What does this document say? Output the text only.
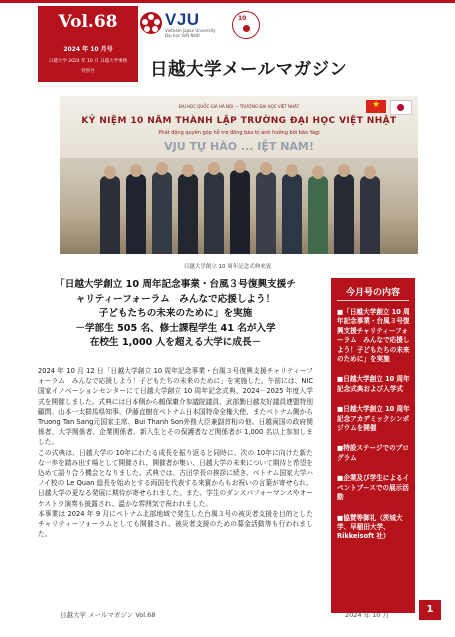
Vol.68
2024 年 10 月号
日越大学 2024 年 10 月 日越大学事務
特別号
VJU
Vietnam Japan University
Đại học Việt Nhật
10
日越大学メールマガジン
ĐẠI HỌC QUỐC GIA HÀ NỘI — TRƯỜNG ĐẠI HỌC VIỆT NHẬT
KỶ NIỆM 10 NĂM THÀNH LẬP TRƯỜNG ĐẠI HỌC VIỆT NHẬT
Phát động quyên góp hỗ trợ đồng bào bị ảnh hưởng bởi bão Yagi
VJU TỰ HÀO ... IỆT NAM!
★
日越大学創立 10 周年記念式典来賓
「日越大学創立 10 周年記念事業・台風３号復興支援チ
ャリティーフォーラム　みんなで応援しよう！
子どもたちの未来のために」を実施
－学部生 505 名、修士課程学生 41 名が入学
在校生 1,000 人を超える大学に成長－

2024 年 10 月 12 日「日越大学創立 10 周年記念事業・台風３号復興支援チャリティーフォーラム　みんなで応援しよう！子どもたちの未来のために」を実施した。午前には、NIC 国家イノベーションセンターにて日越大学創立 10 周年記念式典、2024－2025 年度入学式を開催しました。式典には日本側から鶴保庸介参議院議員、武部勤日越友好議員連盟特別顧問、山本一太群馬県知事、伊藤直樹在ベトナム日本国特命全権大使、またベトナム側から Truong Tan Sang元国家主席、Bui Thanh Son外務大臣兼副首相の他、日越両国の政府関係者、大学関係者、企業関係者、新入生とその保護者など関係者が 1,000 名以上参加しました。

この式典は、日越大学の 10年にわたる成長を振り返ると同時に、次の 10年に向けた新たな一歩を踏み出す場として開催され、開催者が集い、日越大学の未来について期待と希望を込めて語り合う機会となりました。式典では、古田学長の挨拶に続き、ベトナム国家大学ハノイ校の Le Quan 総長を始めとする両国を代表する来賓からもお祝いの言葉が寄せられ、日越大学の更なる発展に期待が寄せられました。また、学生のダンスパフォーマンスやオーケストラ演奏も披露され、温かな雰囲気で祝われました。

本事業は 2024 年 9 月にベトナム北部地域で発生した台風３号の被災者支援を目的としたチャリティーフォーラムとしても開催され、被災者支援のための募金活動等も行われました。

今月号の内容
■「日越大学創立 10 周年記念事業・台風３号復興支援チャリティーフォーラム　みんなで応援しよう！子どもたちの未来のために」を実施
■日越大学創立 10 周年記念式典および入学式
■日越大学創立 10 周年記念アカデミックシンポジウムを開催
■特設ステージでのプログラム
■企業及び学生によるイベントブースでの展示活動
■協賛等御礼（茨城大学、早稲田大学、Rikkeisoft 社）
日越大学 メールマガジン Vol.68	2024 年 10 月	1
